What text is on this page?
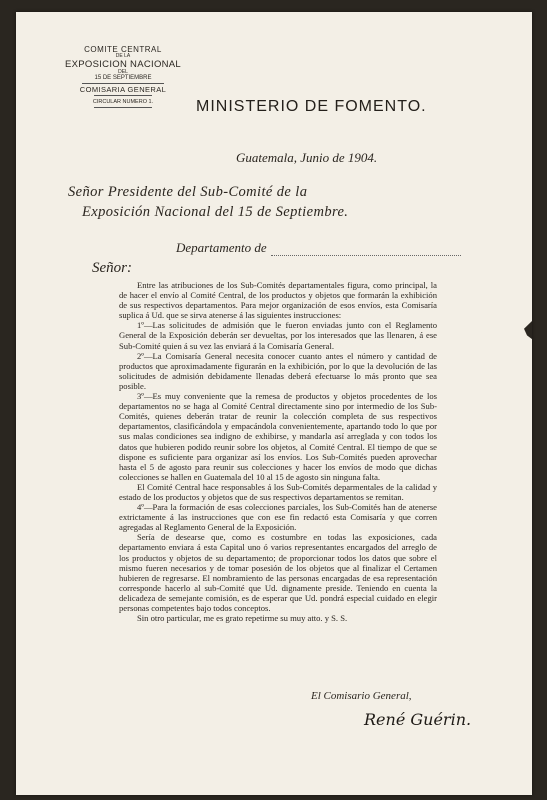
COMITE CENTRAL
DE LA
EXPOSICION NACIONAL
DEL
15 DE SEPTIEMBRE
COMISARIA GENERAL
CIRCULAR NUMERO 1.	MINISTERIO DE FOMENTO.
Guatemala, Junio de 1904.
Señor Presidente del Sub-Comité de la
Exposición Nacional del 15 de Septiembre.
Departamento de
Señor:

Entre las atribuciones de los Sub-Comités departamentales figura, como principal, la de hacer el envío al Comité Central, de los productos y objetos que formarán la exhibición de sus respectivos departamentos. Para mejor organización de esos envíos, esta Comisaría suplica á Ud. que se sirva atenerse á las siguientes instrucciones:

1º—Las solicitudes de admisión que le fueron enviadas junto con el Reglamento General de la Exposición deberán ser devueltas, por los interesados que las llenaren, á ese Sub-Comité quien á su vez las enviará á la Comisaría General.

2º—La Comisaría General necesita conocer cuanto antes el número y cantidad de productos que aproximadamente figurarán en la exhibición, por lo que la devolución de las solicitudes de admisión debidamente llenadas deberá efectuarse lo más pronto que sea posible.

3º—Es muy conveniente que la remesa de productos y objetos procedentes de los departamentos no se haga al Comité Central directamente sino por intermedio de los Sub-Comités, quienes deberán tratar de reunir la colección completa de sus respectivos departamentos, clasificándola y empacándola convenientemente, apartando todo lo que por sus malas condiciones sea indigno de exhibirse, y mandarla así arreglada y con todos los datos que hubieren podido reunir sobre los objetos, al Comité Central. El tiempo de que se dispone es suficiente para organizar así los envíos. Los Sub-Comités pueden aprovechar hasta el 5 de agosto para reunir sus colecciones y hacer los envíos de modo que dichas colecciones se hallen en Guatemala del 10 al 15 de agosto sin ninguna falta.

El Comité Central hace responsables á los Sub-Comités deparmentales de la calidad y estado de los productos y objetos que de sus respectivos departamentos se remitan.

4º—Para la formación de esas colecciones parciales, los Sub-Comités han de atenerse extrictamente á las instrucciones que con ese fin redactó esta Comisaría y que corren agregadas al Reglamento General de la Exposición.

Sería de desearse que, como es costumbre en todas las exposiciones, cada departamento enviara á esta Capital uno ó varios representantes encargados del arreglo de los productos y objetos de su departamento; de proporcionar todos los datos que sobre el mismo fueren necesarios y de tomar posesión de los objetos que al finalizar el Certamen hubieren de regresarse. El nombramiento de las personas encargadas de esa representación corresponde hacerlo al sub-Comité que Ud. dignamente preside. Teniendo en cuenta la delicadeza de semejante comisión, es de esperar que Ud. pondrá especial cuidado en elegir personas competentes bajo todos conceptos.

Sin otro particular, me es grato repetirme su muy atto. y S. S.

El Comisario General,
René Guérin.
